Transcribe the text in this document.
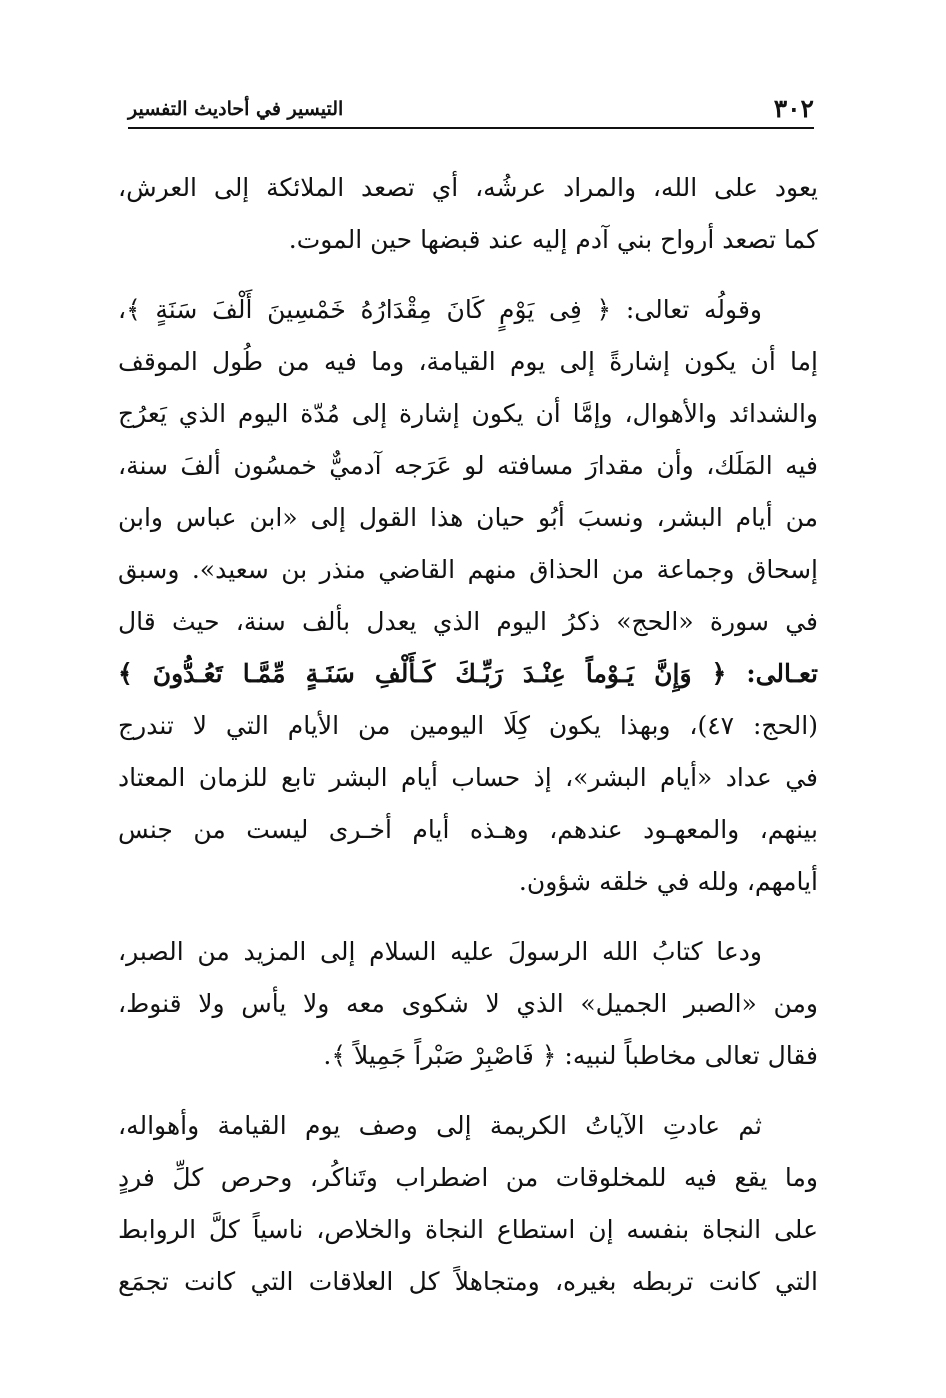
٣٠٢
التيسير في أحاديث التفسير
يعود على الله، والمراد عرشُه، أي تصعد الملائكة إلى العرش،
كما تصعد أرواح بني آدم إليه عند قبضها حين الموت.
وقولُه تعالى: ﴿ فِى يَوْمٍ كَانَ مِقْدَارُهُ خَمْسِينَ أَلْفَ سَنَةٍ ﴾،
إما أن يكون إشارةً إلى يوم القيامة، وما فيه من طُول الموقف
والشدائد والأهوال، وإمَّا أن يكون إشارة إلى مُدّة اليوم الذي يَعرُج
فيه المَلَك، وأن مقدارَ مسافته لو عَرَجه آدميٌّ خمسُون ألفَ سنة،
من أيام البشر، ونسبَ أبُو حيان هذا القول إلى «ابن عباس وابن
إسحاق وجماعة من الحذاق منهم القاضي منذر بن سعيد». وسبق
في سورة «الحج» ذكرُ اليوم الذي يعدل بألف سنة، حيث قال
تعـالى: ﴿ وَإِنَّ يَـوْماً عِنْـدَ رَبِّـكَ كَـأَلْفِ سَنَـةٍ مِّمَّـا تَعُـدُّونَ ﴾
(الحج: ٤٧)، وبهذا يكون كِلَا اليومين من الأيام التي لا تندرج
في عداد «أيام البشر»، إذ حساب أيام البشر تابع للزمان المعتاد
بينهم، والمعهـود عندهم، وهـذه أيام أخـرى ليست من جنس
أيامهم، ولله في خلقه شؤون.
ودعا كتابُ الله الرسولَ عليه السلام إلى المزيد من الصبر،
ومن «الصبر الجميل» الذي لا شكوى معه ولا يأس ولا قنوط،
فقال تعالى مخاطباً لنبيه: ﴿ فَاصْبِرْ صَبْراً جَمِيلاً ﴾.
ثم عادتِ الآياتُ الكريمة إلى وصف يوم القيامة وأهواله،
وما يقع فيه للمخلوقات من اضطراب وتَناكُر، وحرص كلِّ فردٍ
على النجاة بنفسه إن استطاع النجاة والخلاص، ناسياً كلَّ الروابط
التي كانت تربطه بغيره، ومتجاهلاً كل العلاقات التي كانت تجمَع
